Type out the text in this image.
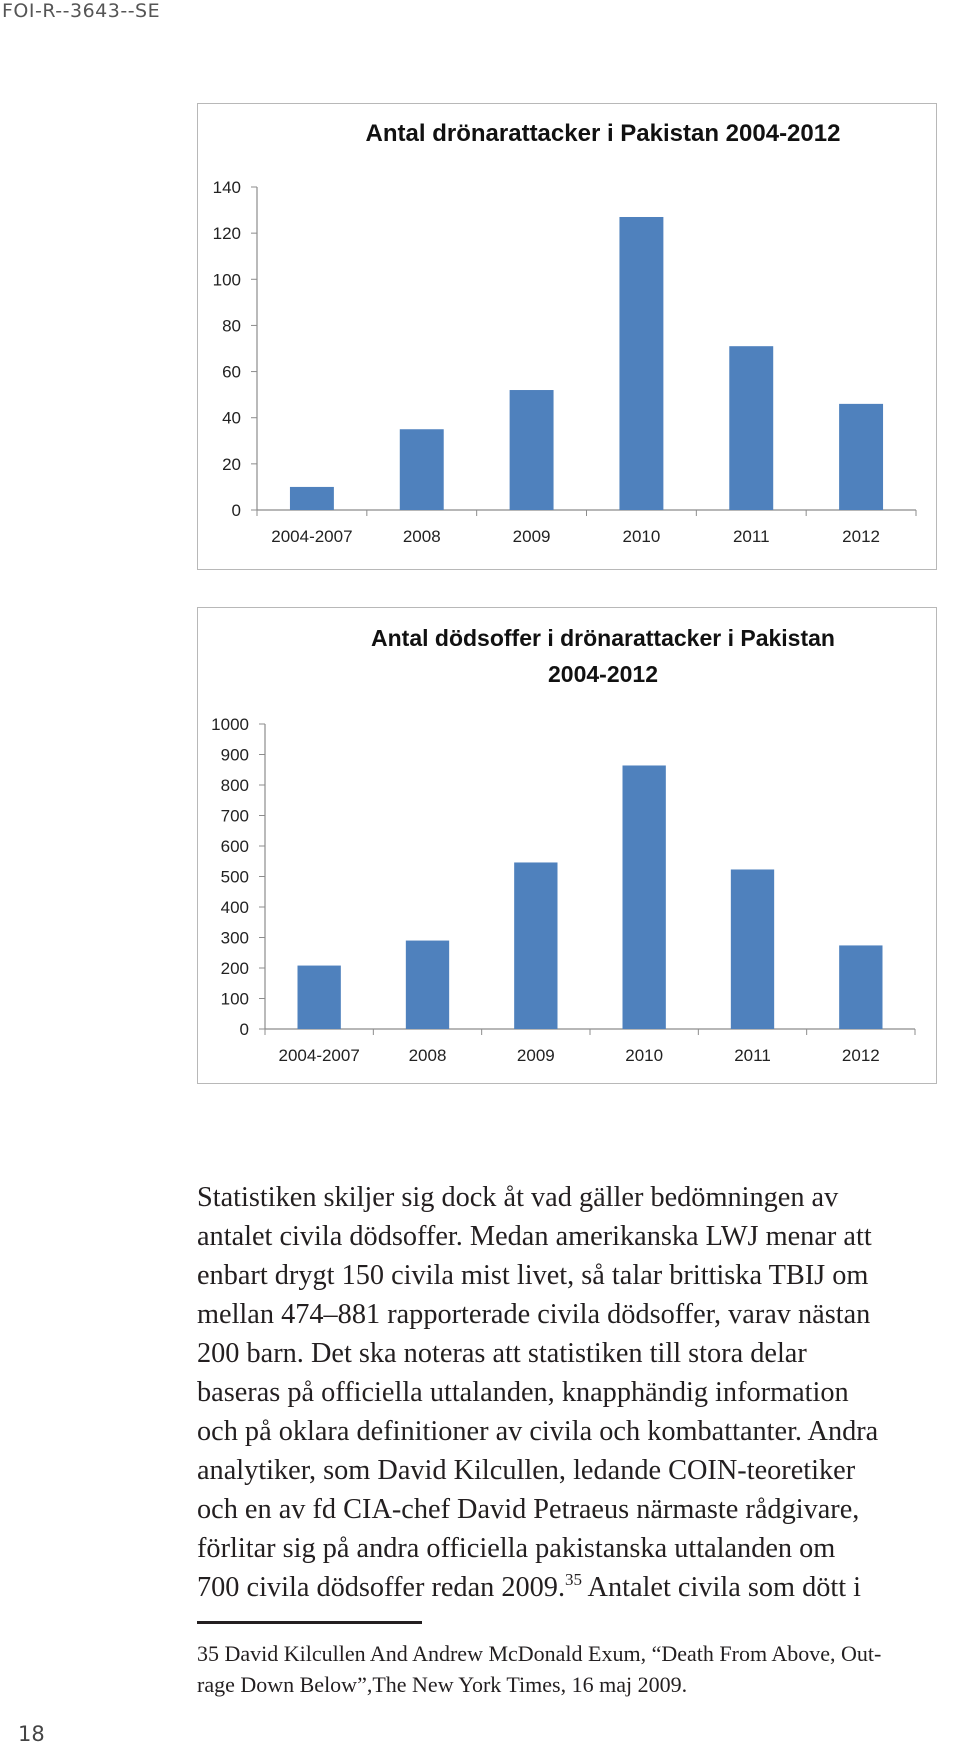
FOI-R--3643--SE
Antal drönarattacker i Pakistan 2004-2012
0
20
40
60
80
100
120
140
2004-2007	2008	2009	2010	2011	2012
Antal dödsoffer i drönarattacker i Pakistan
2004-2012
0
100
200
300
400
500
600
700
800
900
1000
2004-2007	2008	2009	2010	2011	2012
Statistiken skiljer sig dock åt vad gäller bedömningen av
antalet civila dödsoffer. Medan amerikanska LWJ menar att
enbart drygt 150 civila mist livet, så talar brittiska TBIJ om
mellan 474–881 rapporterade civila dödsoffer, varav nästan
200 barn. Det ska noteras att statistiken till stora delar
baseras på officiella uttalanden, knapphändig information
och på oklara definitioner av civila och kombattanter. Andra
analytiker, som David Kilcullen, ledande COIN-teoretiker
och en av fd CIA-chef David Petraeus närmaste rådgivare,
förlitar sig på andra officiella pakistanska uttalanden om
700 civila dödsoffer redan 2009.35 Antalet civila som dött i
35 David Kilcullen And Andrew McDonald Exum, “Death From Above, Out-
rage Down Below”,The New York Times, 16 maj 2009.
18
